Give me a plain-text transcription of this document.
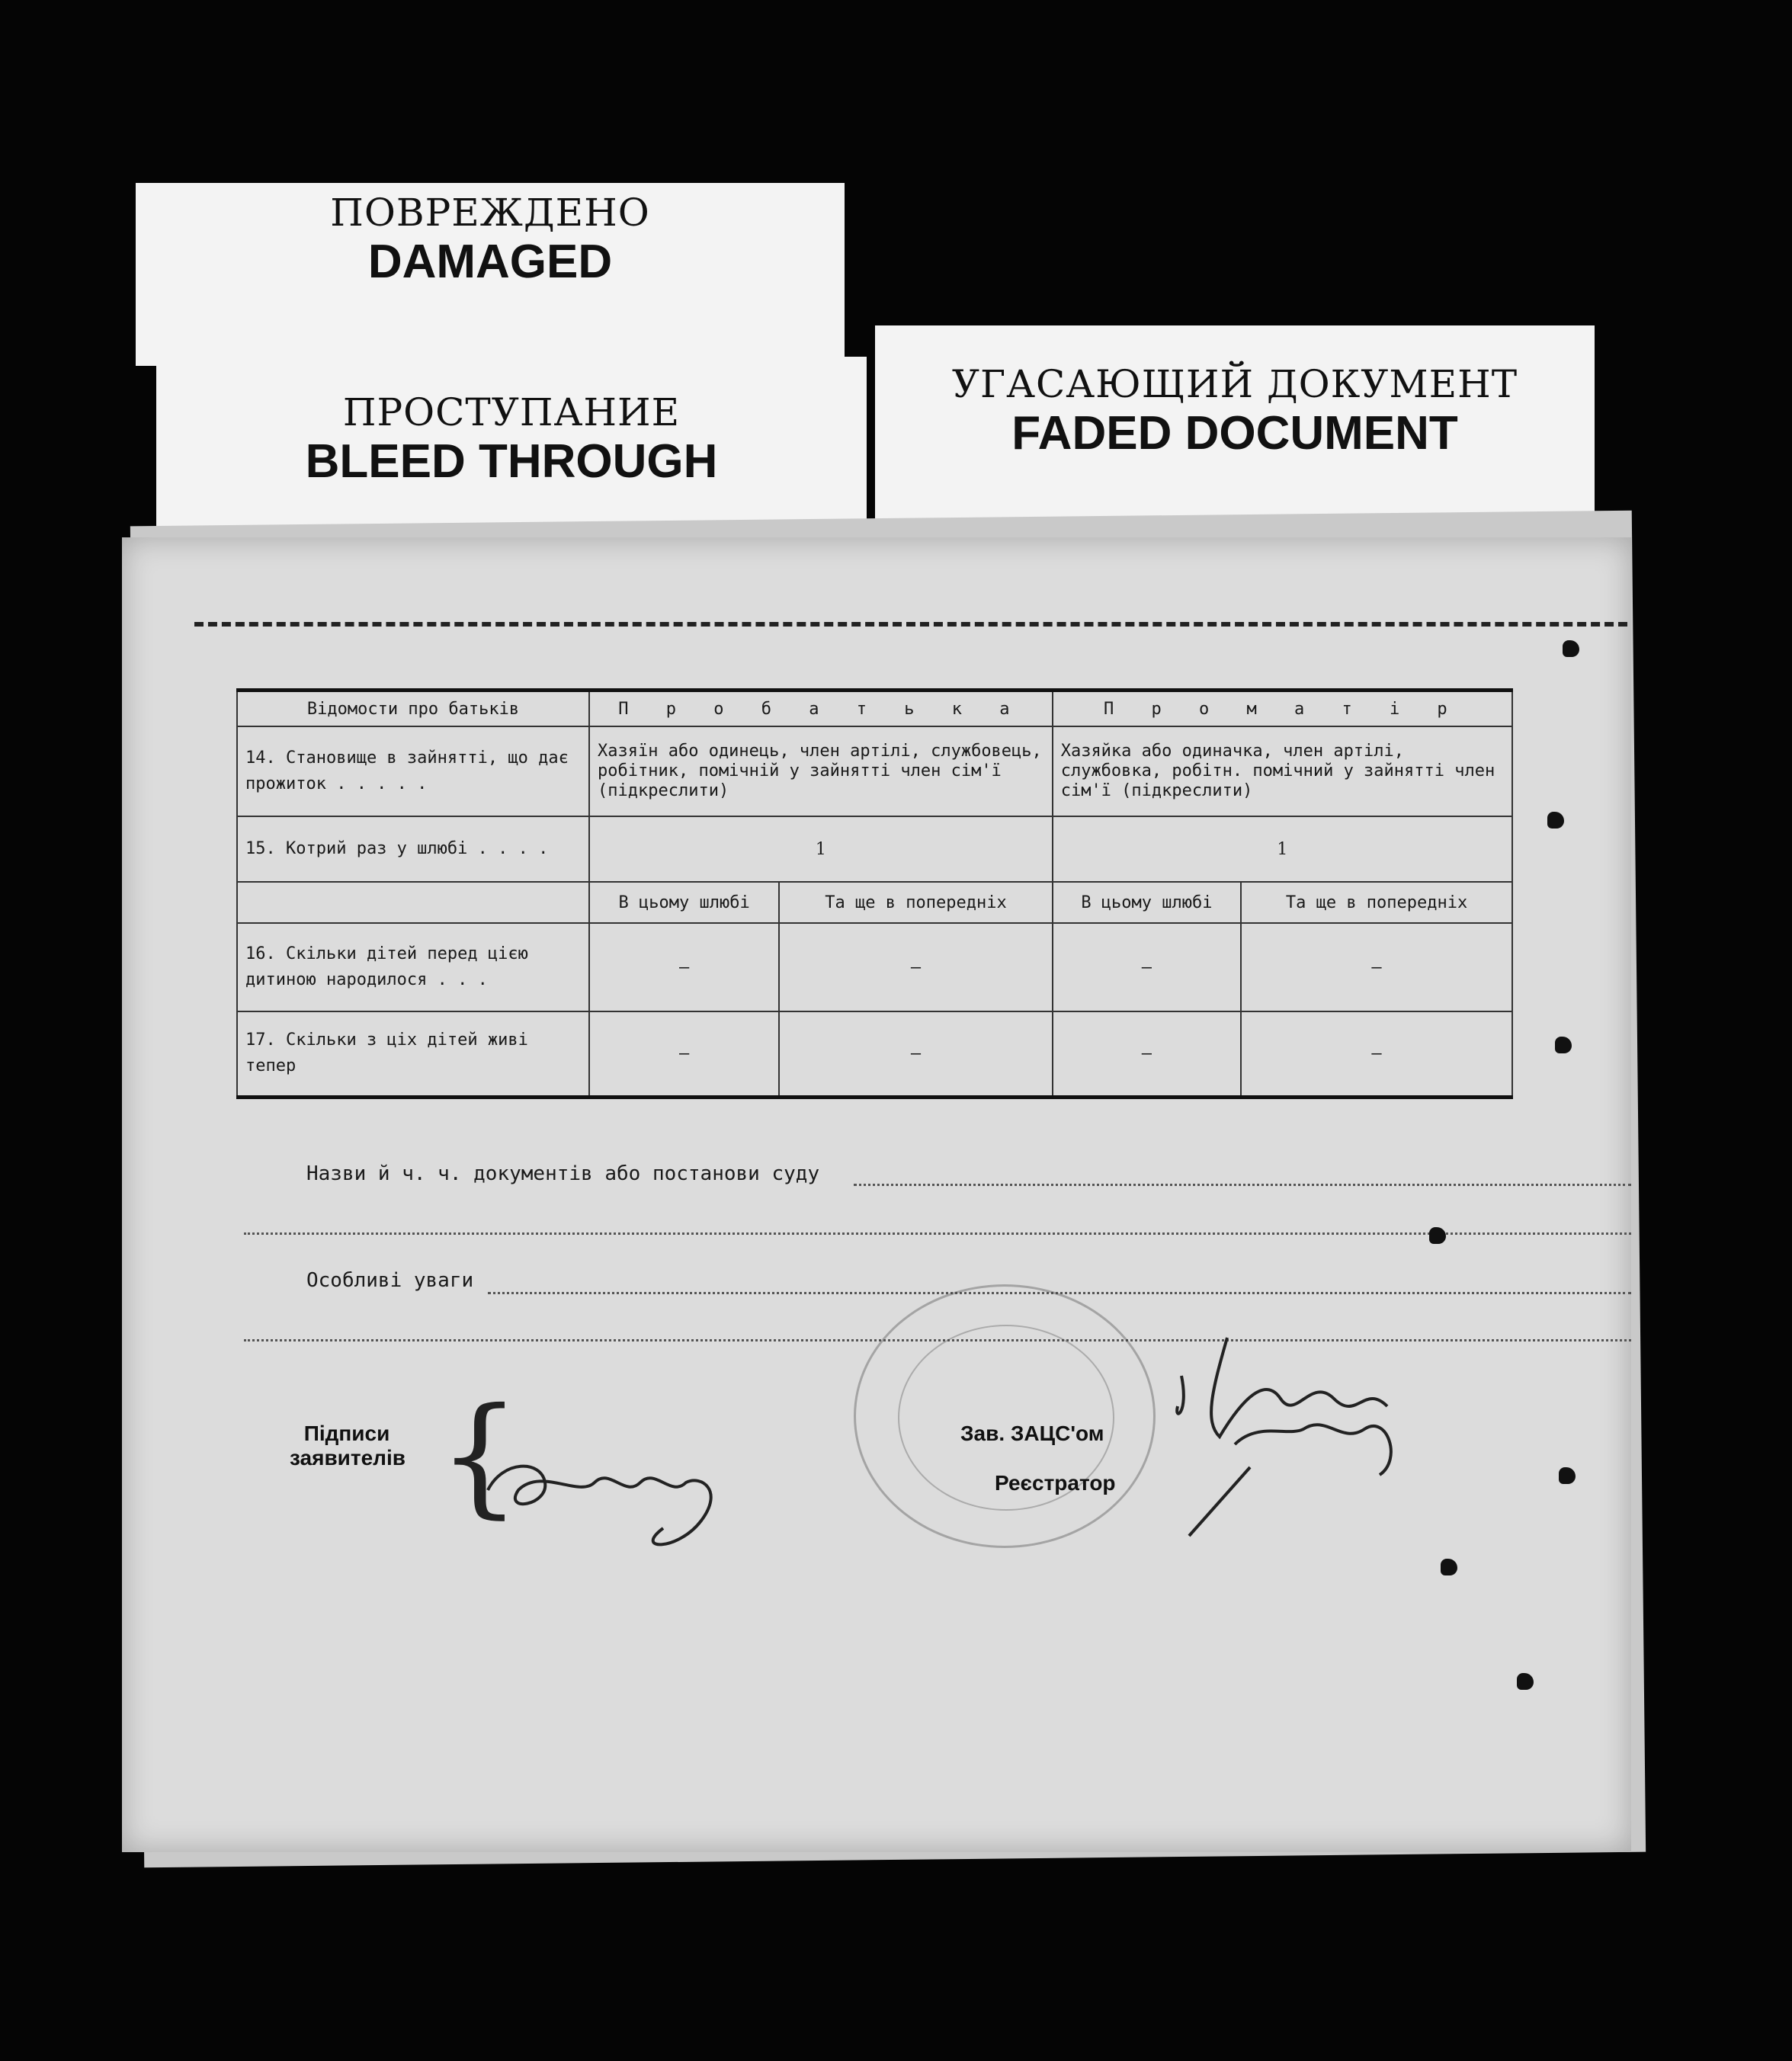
ПОВРЕЖДЕНО
DAMAGED
ПРОСТУПАНИЕ
BLEED THROUGH
УГАСАЮЩИЙ ДОКУМЕНТ
FADED DOCUMENT
Відомости про батьків	П р о б а т ь к а		П р о м а т і р	
14. Становище в зайнятті, що дає прожиток . . . . .	Хазяїн або одинець, член артілі, службовець, робітник, помічній у зайнятті член сім'ї (підкреслити)		Хазяйка або одиначка, член артілі, службовка, робітн. помічний у зайнятті член сім'ї (підкреслити)	
15. Котрий раз у шлюбі . . . .	1		1	
	В цьому шлюбі	Та ще в попередніх	В цьому шлюбі	Та ще в попередніх
16. Скільки дітей перед цією дитиною народилося . . .	—	—	—	—
17. Скільки з ціх дітей живі тепер	—	—	—	—
Назви й ч. ч. документів або постанови суду
Особливі уваги
Підписи заявителів {	Зав. ЗАЦС'ом
Реєстратор
